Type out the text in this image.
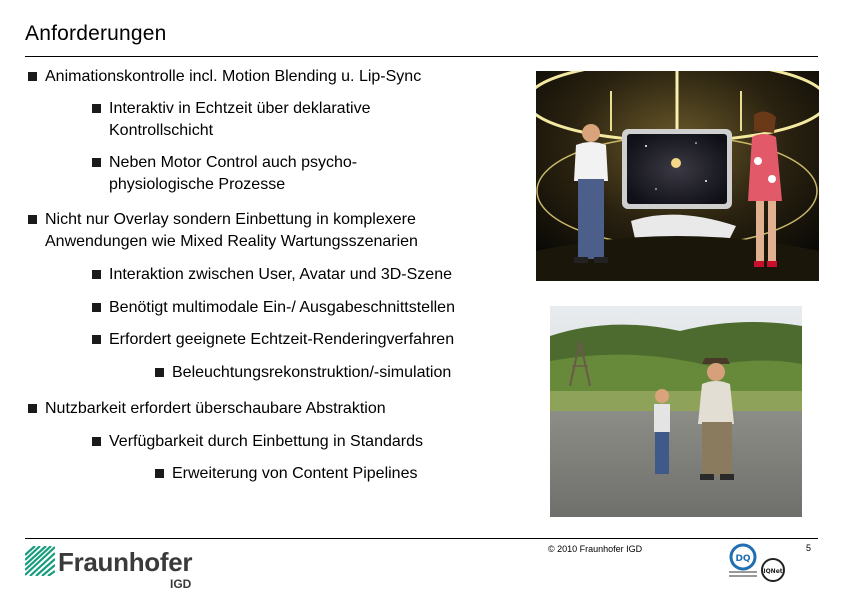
Anforderungen
Animationskontrolle incl. Motion Blending u. Lip-Sync
Interaktiv in Echtzeit über deklarative
Kontrollschicht
Neben Motor Control auch psycho-
physiologische Prozesse
Nicht nur Overlay sondern Einbettung in komplexere
Anwendungen wie Mixed Reality Wartungsszenarien
Interaktion zwischen User, Avatar und 3D-Szene
Benötigt multimodale Ein-/ Ausgabeschnittstellen
Erfordert geeignete Echtzeit-Renderingverfahren
Beleuchtungsrekonstruktion/-simulation
Nutzbarkeit erfordert überschaubare Abstraktion
Verfügbarkeit durch Einbettung in Standards
Erweiterung von Content Pipelines
Fraunhofer
IGD
© 2010 Fraunhofer IGD
DQ
IQNet
5
